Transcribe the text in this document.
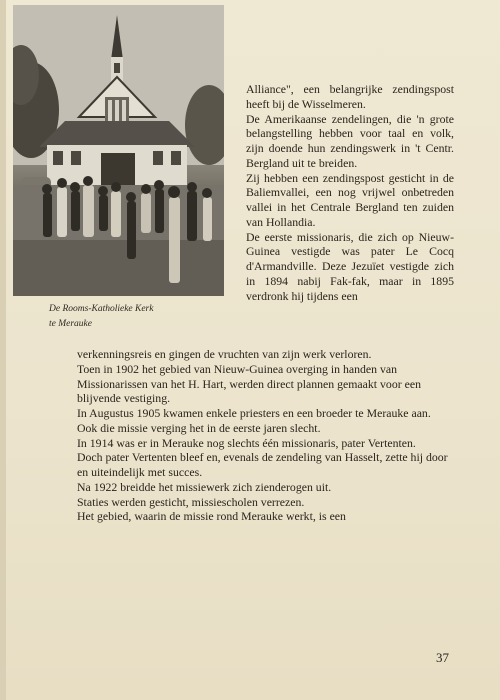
De Rooms-Katholieke Kerk
te Merauke

Alliance", een belangrijke zendingspost heeft bij de Wisselmeren.

De Amerikaanse zendelingen, die 'n grote belangstelling hebben voor taal en volk, zijn doende hun zendingswerk in 't Centr. Bergland uit te breiden.

Zij hebben een zendingspost gesticht in de Baliemvallei, een nog vrijwel onbetreden vallei in het Centrale Bergland ten zuiden van Hollandia.

De eerste missionaris, die zich op Nieuw-Guinea vestigde was pater Le Cocq d'Armandville. Deze Jezuïet vestigde zich in 1894 nabij Fak-fak, maar in 1895 verdronk hij tijdens een

verkenningsreis en gingen de vruchten van zijn werk verloren.

Toen in 1902 het gebied van Nieuw-Guinea overging in handen van Missionarissen van het H. Hart, werden direct plannen gemaakt voor een blijvende vestiging.

In Augustus 1905 kwamen enkele priesters en een broeder te Merauke aan.

Ook die missie verging het in de eerste jaren slecht.

In 1914 was er in Merauke nog slechts één missionaris, pater Vertenten.

Doch pater Vertenten bleef en, evenals de zendeling van Hasselt, zette hij door en uiteindelijk met succes.

Na 1922 breidde het missiewerk zich zienderogen uit.

Staties werden gesticht, missiescholen verrezen.

Het gebied, waarin de missie rond Merauke werkt, is een

37
